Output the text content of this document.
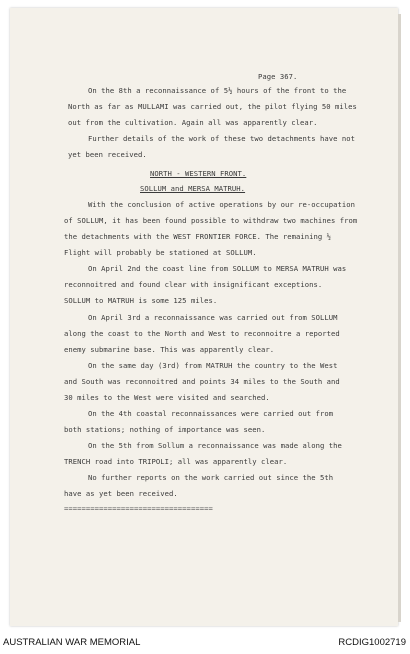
Page 367.
On the 8th a reconnaissance of 5½ hours of the front to the
North as far as MULLAMI was carried out, the pilot flying 50 miles
out from the cultivation. Again all was apparently clear.
Further details of the work of these two detachments have not
yet been received.
NORTH - WESTERN FRONT.
SOLLUM and MERSA MATRUH.
With the conclusion of active operations by our re-occupation
of SOLLUM, it has been found possible to withdraw two machines from
the detachments with the WEST FRONTIER FORCE. The remaining ½
Flight will probably be stationed at SOLLUM.
On April 2nd the coast line from SOLLUM to MERSA MATRUH was
reconnoitred and found clear with insignificant exceptions.
SOLLUM to MATRUH is some 125 miles.
On April 3rd a reconnaissance was carried out from SOLLUM
along the coast to the North and West to reconnoitre a reported
enemy submarine base. This was apparently clear.
On the same day (3rd) from MATRUH the country to the West
and South was reconnoitred and points 34 miles to the South and
30 miles to the West were visited and searched.
On the 4th coastal reconnaissances were carried out from
both stations; nothing of importance was seen.
On the 5th from Sollum a reconnaissance was made along the
TRENCH road into TRIPOLI; all was apparently clear.
No further reports on the work carried out since the 5th
have as yet been received.
==================================
AUSTRALIAN WAR MEMORIAL	RCDIG1002719
